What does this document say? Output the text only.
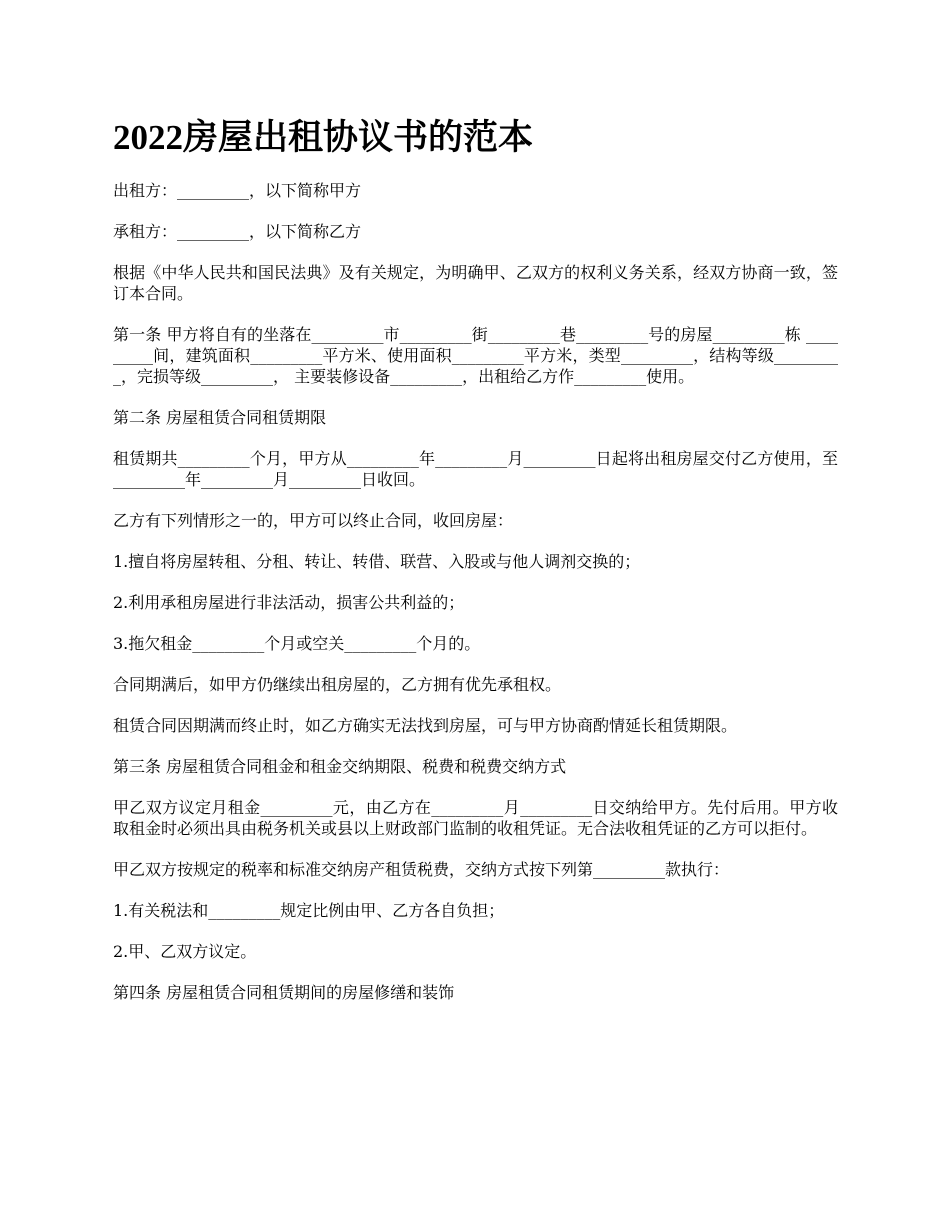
2022房屋出租协议书的范本

出租方：_________，以下简称甲方

承租方：_________，以下简称乙方

根据《中华人民共和国民法典》及有关规定，为明确甲、乙双方的权利义务关系，经双方协商一致，签订本合同。

第一条 甲方将自有的坐落在_________市_________街_________巷_________号的房屋_________栋 _________间，建筑面积_________平方米、使用面积_________平方米，类型_________，结构等级_________，完损等级_________， 主要装修设备_________，出租给乙方作_________使用。

第二条 房屋租赁合同租赁期限

租赁期共_________个月，甲方从_________年_________月_________日起将出租房屋交付乙方使用，至_________年_________月_________日收回。

乙方有下列情形之一的，甲方可以终止合同，收回房屋：

1.擅自将房屋转租、分租、转让、转借、联营、入股或与他人调剂交换的；

2.利用承租房屋进行非法活动，损害公共利益的；

3.拖欠租金_________个月或空关_________个月的。

合同期满后，如甲方仍继续出租房屋的，乙方拥有优先承租权。

租赁合同因期满而终止时，如乙方确实无法找到房屋，可与甲方协商酌情延长租赁期限。

第三条 房屋租赁合同租金和租金交纳期限、税费和税费交纳方式

甲乙双方议定月租金_________元，由乙方在_________月_________日交纳给甲方。先付后用。甲方收取租金时必须出具由税务机关或县以上财政部门监制的收租凭证。无合法收租凭证的乙方可以拒付。

甲乙双方按规定的税率和标准交纳房产租赁税费，交纳方式按下列第_________款执行：

1.有关税法和_________规定比例由甲、乙方各自负担；

2.甲、乙双方议定。

第四条 房屋租赁合同租赁期间的房屋修缮和装饰
